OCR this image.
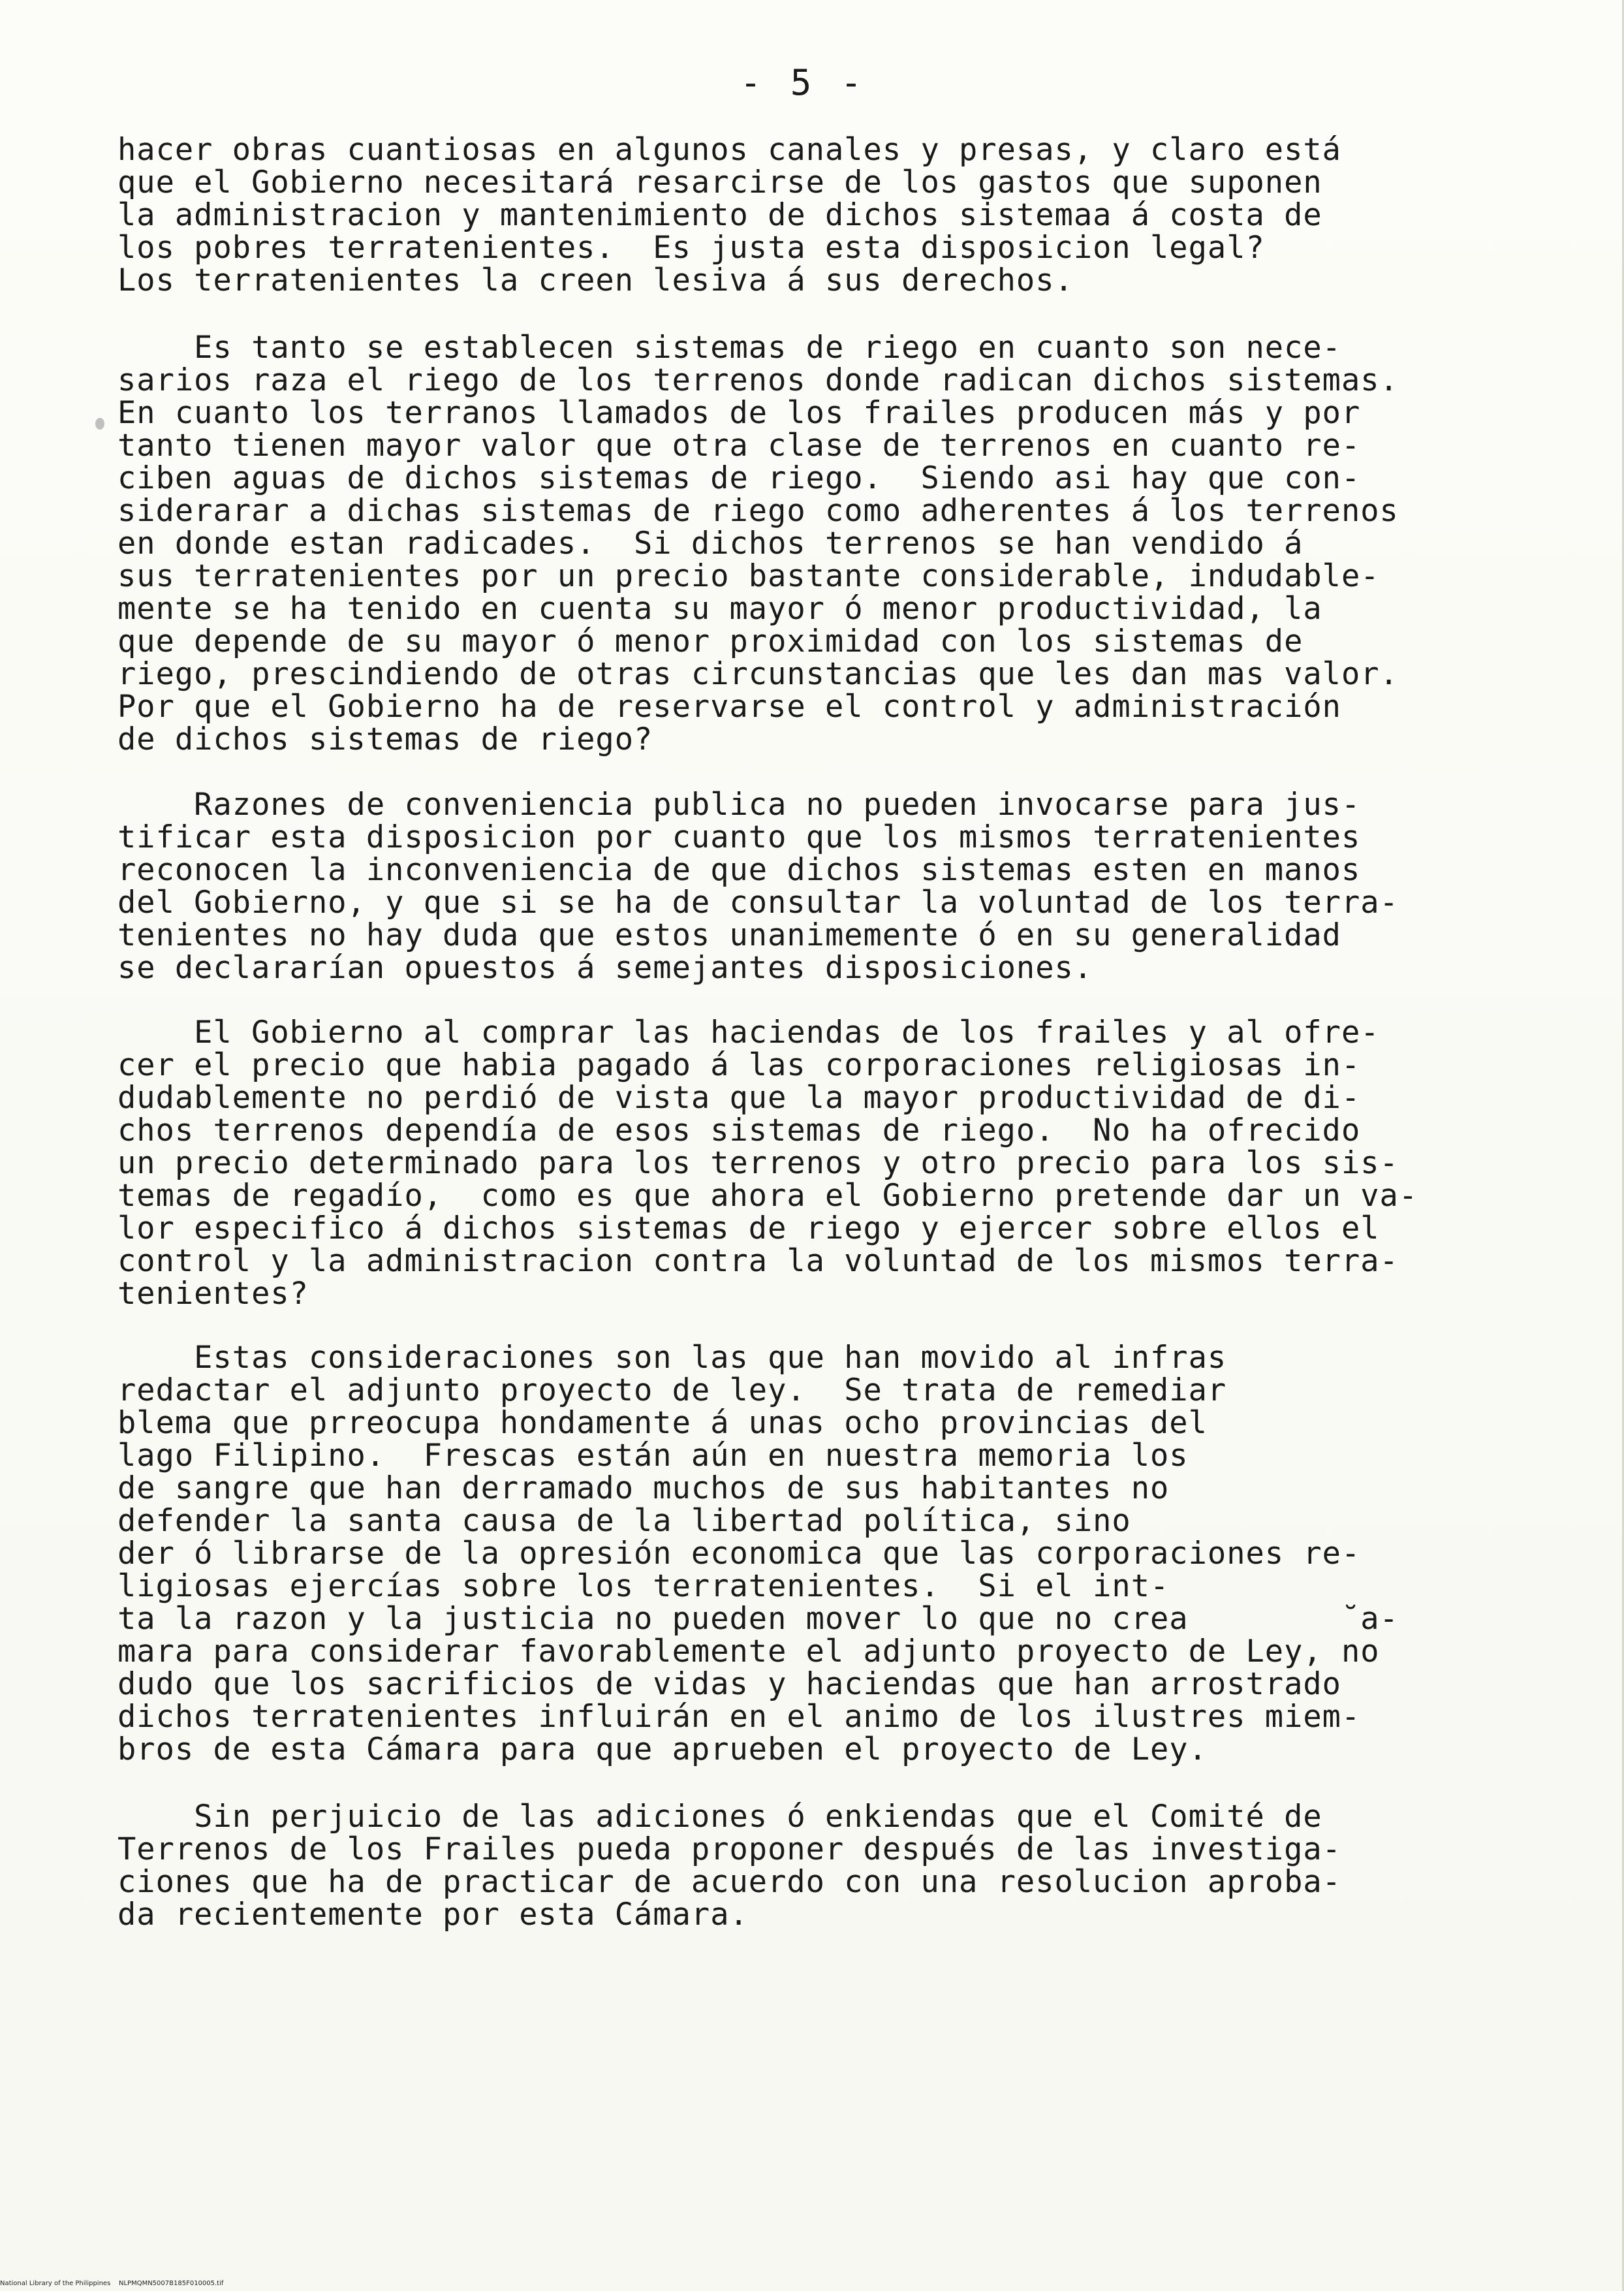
- 5 -
hacer obras cuantiosas en algunos canales y presas, y claro está
que el Gobierno necesitará resarcirse de los gastos que suponen
la administracion y mantenimiento de dichos sistemaa á costa de
los pobres terratenientes.  Es justa esta disposicion legal?
Los terratenientes la creen lesiva á sus derechos.
Es tanto se establecen sistemas de riego en cuanto son nece-
sarios raza el riego de los terrenos donde radican dichos sistemas.
En cuanto los terranos llamados de los frailes producen más y por
tanto tienen mayor valor que otra clase de terrenos en cuanto re-
ciben aguas de dichos sistemas de riego.  Siendo asi hay que con-
siderarar a dichas sistemas de riego como adherentes á los terrenos
en donde estan radicades.  Si dichos terrenos se han vendido á
sus terratenientes por un precio bastante considerable, indudable-
mente se ha tenido en cuenta su mayor ó menor productividad, la
que depende de su mayor ó menor proximidad con los sistemas de
riego, prescindiendo de otras circunstancias que les dan mas valor.
Por que el Gobierno ha de reservarse el control y administración
de dichos sistemas de riego?
Razones de conveniencia publica no pueden invocarse para jus-
tificar esta disposicion por cuanto que los mismos terratenientes
reconocen la inconveniencia de que dichos sistemas esten en manos
del Gobierno, y que si se ha de consultar la voluntad de los terra-
tenientes no hay duda que estos unanimemente ó en su generalidad
se declararían opuestos á semejantes disposiciones.
El Gobierno al comprar las haciendas de los frailes y al ofre-
cer el precio que habia pagado á las corporaciones religiosas in-
dudablemente no perdió de vista que la mayor productividad de di-
chos terrenos dependía de esos sistemas de riego.  No ha ofrecido
un precio determinado para los terrenos y otro precio para los sis-
temas de regadío,  como es que ahora el Gobierno pretende dar un va-
lor especifico á dichos sistemas de riego y ejercer sobre ellos el
control y la administracion contra la voluntad de los mismos terra-
tenientes?
Estas consideraciones son las que han movido al infras
redactar el adjunto proyecto de ley.  Se trata de remediar
blema que prreocupa hondamente á unas ocho provincias del
lago Filipino.  Frescas están aún en nuestra memoria los
de sangre que han derramado muchos de sus habitantes no
defender la santa causa de la libertad política, sino
der ó librarse de la opresión economica que las corporaciones re-
ligiosas ejercías sobre los terratenientes.  Si el int-
ta la razon y la justicia no pueden mover lo que no crea        ˘a-
mara para considerar favorablemente el adjunto proyecto de Ley, no
dudo que los sacrificios de vidas y haciendas que han arrostrado
dichos terratenientes influirán en el animo de los ilustres miem-
bros de esta Cámara para que aprueben el proyecto de Ley.
Sin perjuicio de las adiciones ó enkiendas que el Comité de
Terrenos de los Frailes pueda proponer después de las investiga-
ciones que ha de practicar de acuerdo con una resolucion aproba-
da recientemente por esta Cámara.
National Library of the Philippines    NLPMQMN5007B185F010005.tif
